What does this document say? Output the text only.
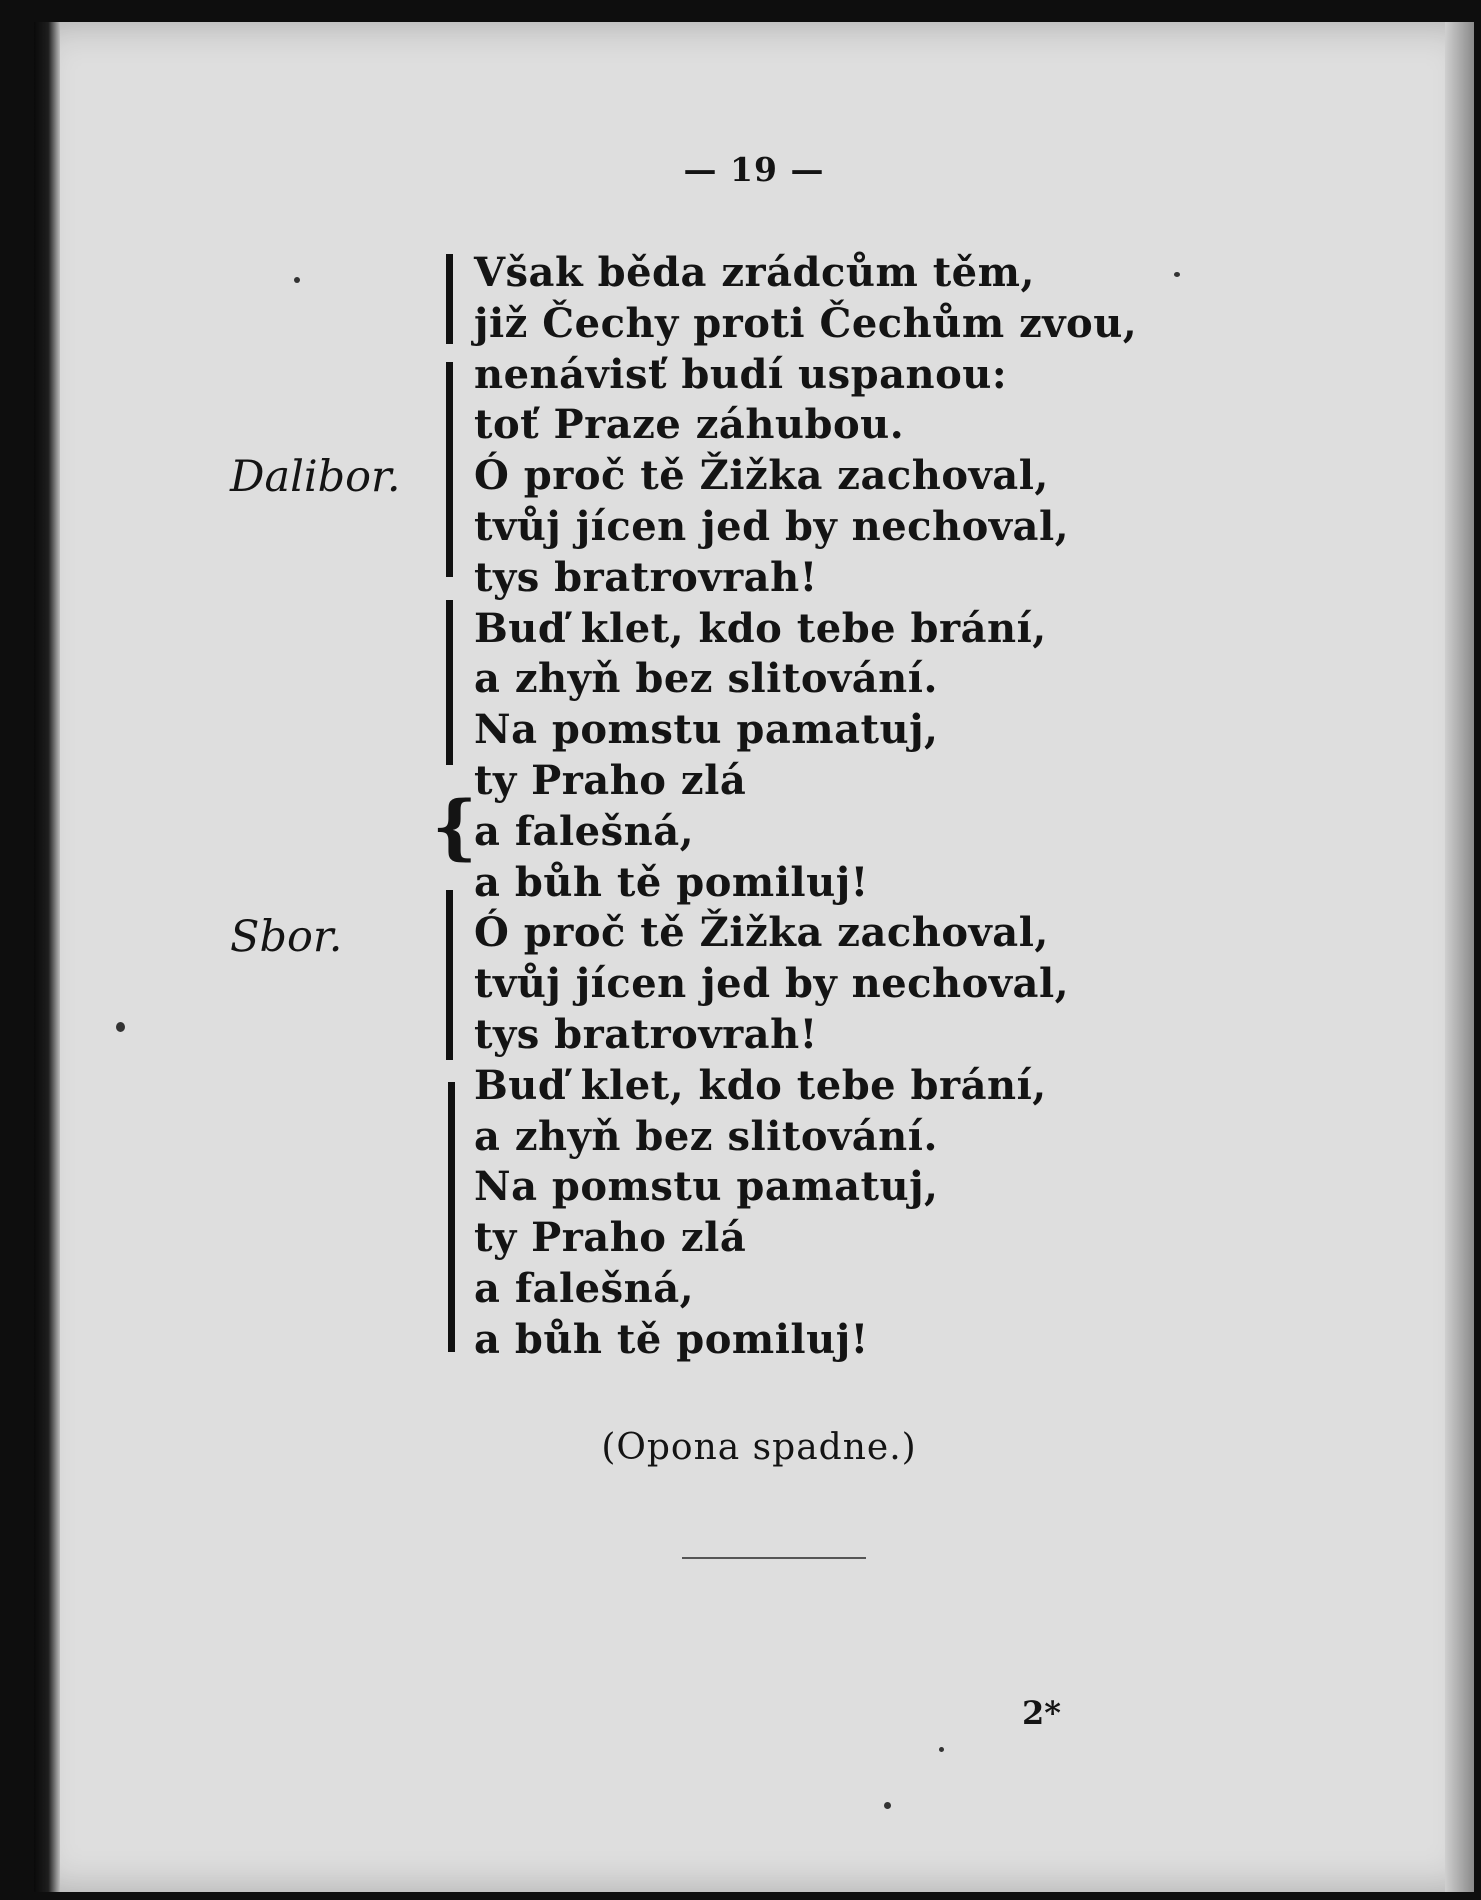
— 19 —
Dalibor.
Sbor.
{
Však běda zrádcům těm,
již Čechy proti Čechům zvou,
nenávisť budí uspanou:
toť Praze záhubou.
Ó proč tě Žižka zachoval,
tvůj jícen jed by nechoval,
tys bratrovrah!
Buď klet, kdo tebe brání,
a zhyň bez slitování.
Na pomstu pamatuj,
ty Praho zlá
a falešná,
a bůh tě pomiluj!
Ó proč tě Žižka zachoval,
tvůj jícen jed by nechoval,
tys bratrovrah!
Buď klet, kdo tebe brání,
a zhyň bez slitování.
Na pomstu pamatuj,
ty Praho zlá
a falešná,
a bůh tě pomiluj!
(Opona spadne.)
2*
